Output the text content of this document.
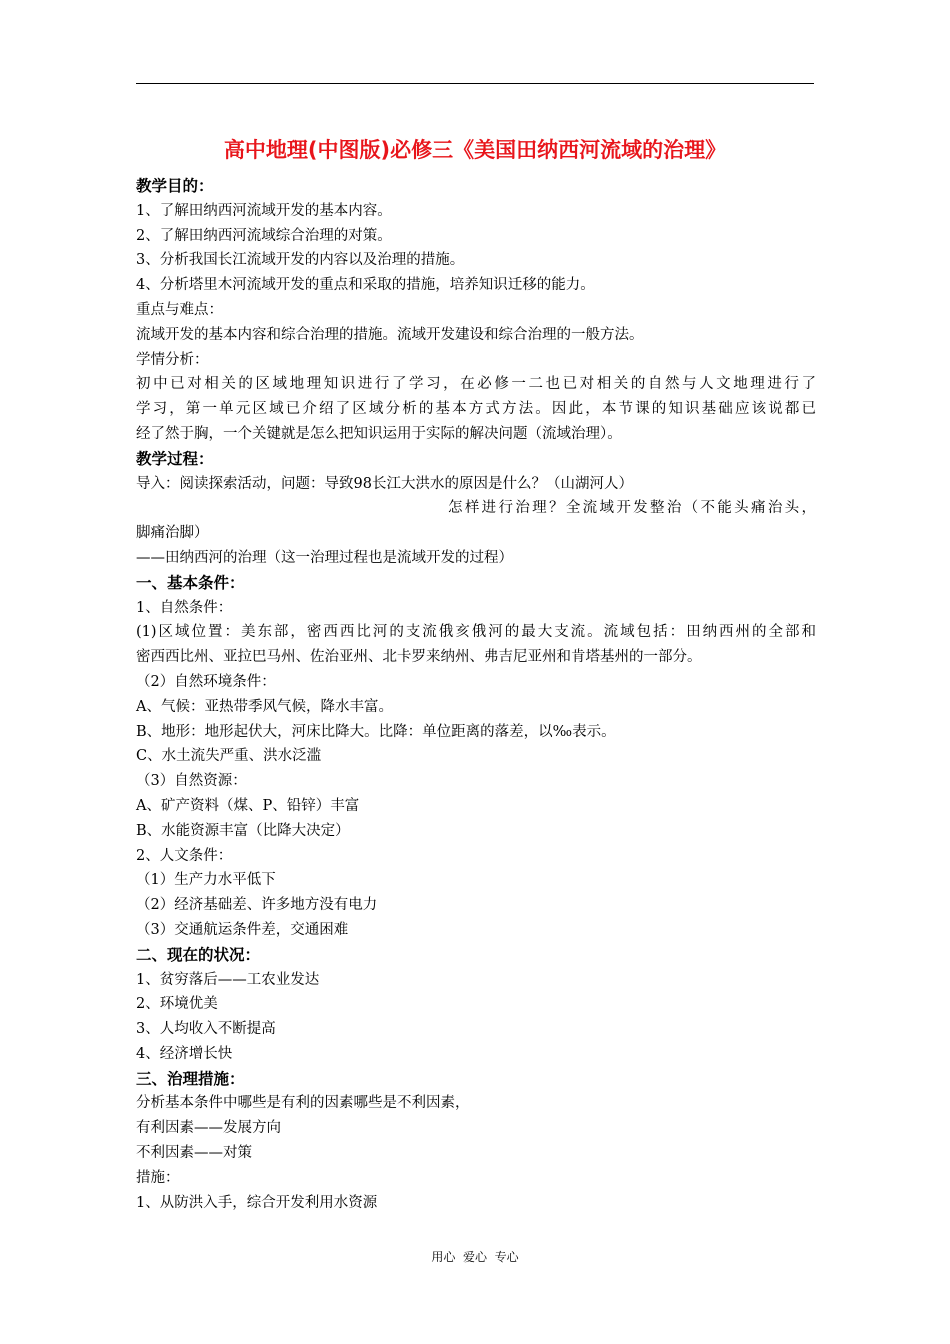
高中地理(中图版)必修三《美国田纳西河流域的治理》
教学目的：
1、了解田纳西河流域开发的基本内容。
2、了解田纳西河流域综合治理的对策。
3、分析我国长江流域开发的内容以及治理的措施。
4、分析塔里木河流域开发的重点和采取的措施，培养知识迁移的能力。
重点与难点：
流域开发的基本内容和综合治理的措施。流域开发建设和综合治理的一般方法。
学情分析：
初中已对相关的区域地理知识进行了学习，在必修一二也已对相关的自然与人文地理进行了
学习，第一单元区域已介绍了区域分析的基本方式方法。因此，本节课的知识基础应该说都已
经了然于胸，一个关键就是怎么把知识运用于实际的解决问题（流域治理）。
教学过程：
导入：阅读探索活动，问题：导致98长江大洪水的原因是什么？（山湖河人）
怎样进行治理？全流域开发整治（不能头痛治头，
脚痛治脚）
——田纳西河的治理（这一治理过程也是流域开发的过程）
一、基本条件：
1、自然条件：
(1)区域位置：美东部，密西西比河的支流俄亥俄河的最大支流。流域包括：田纳西州的全部和
密西西比州、亚拉巴马州、佐治亚州、北卡罗来纳州、弗吉尼亚州和肯塔基州的一部分。
（2）自然环境条件：
A、气候：亚热带季风气候，降水丰富。
B、地形：地形起伏大，河床比降大。比降：单位距离的落差，以‰表示。
C、水土流失严重、洪水泛滥
（3）自然资源：
A、矿产资料（煤、P、铅锌）丰富
B、水能资源丰富（比降大决定）
2、人文条件：
（1）生产力水平低下
（2）经济基础差、许多地方没有电力
（3）交通航运条件差，交通困难
二、现在的状况：
1、贫穷落后——工农业发达
2、环境优美
3、人均收入不断提高
4、经济增长快
三、治理措施：
分析基本条件中哪些是有利的因素哪些是不利因素，
有利因素——发展方向
不利因素——对策
措施：
1、从防洪入手，综合开发利用水资源
用心  爱心  专心
